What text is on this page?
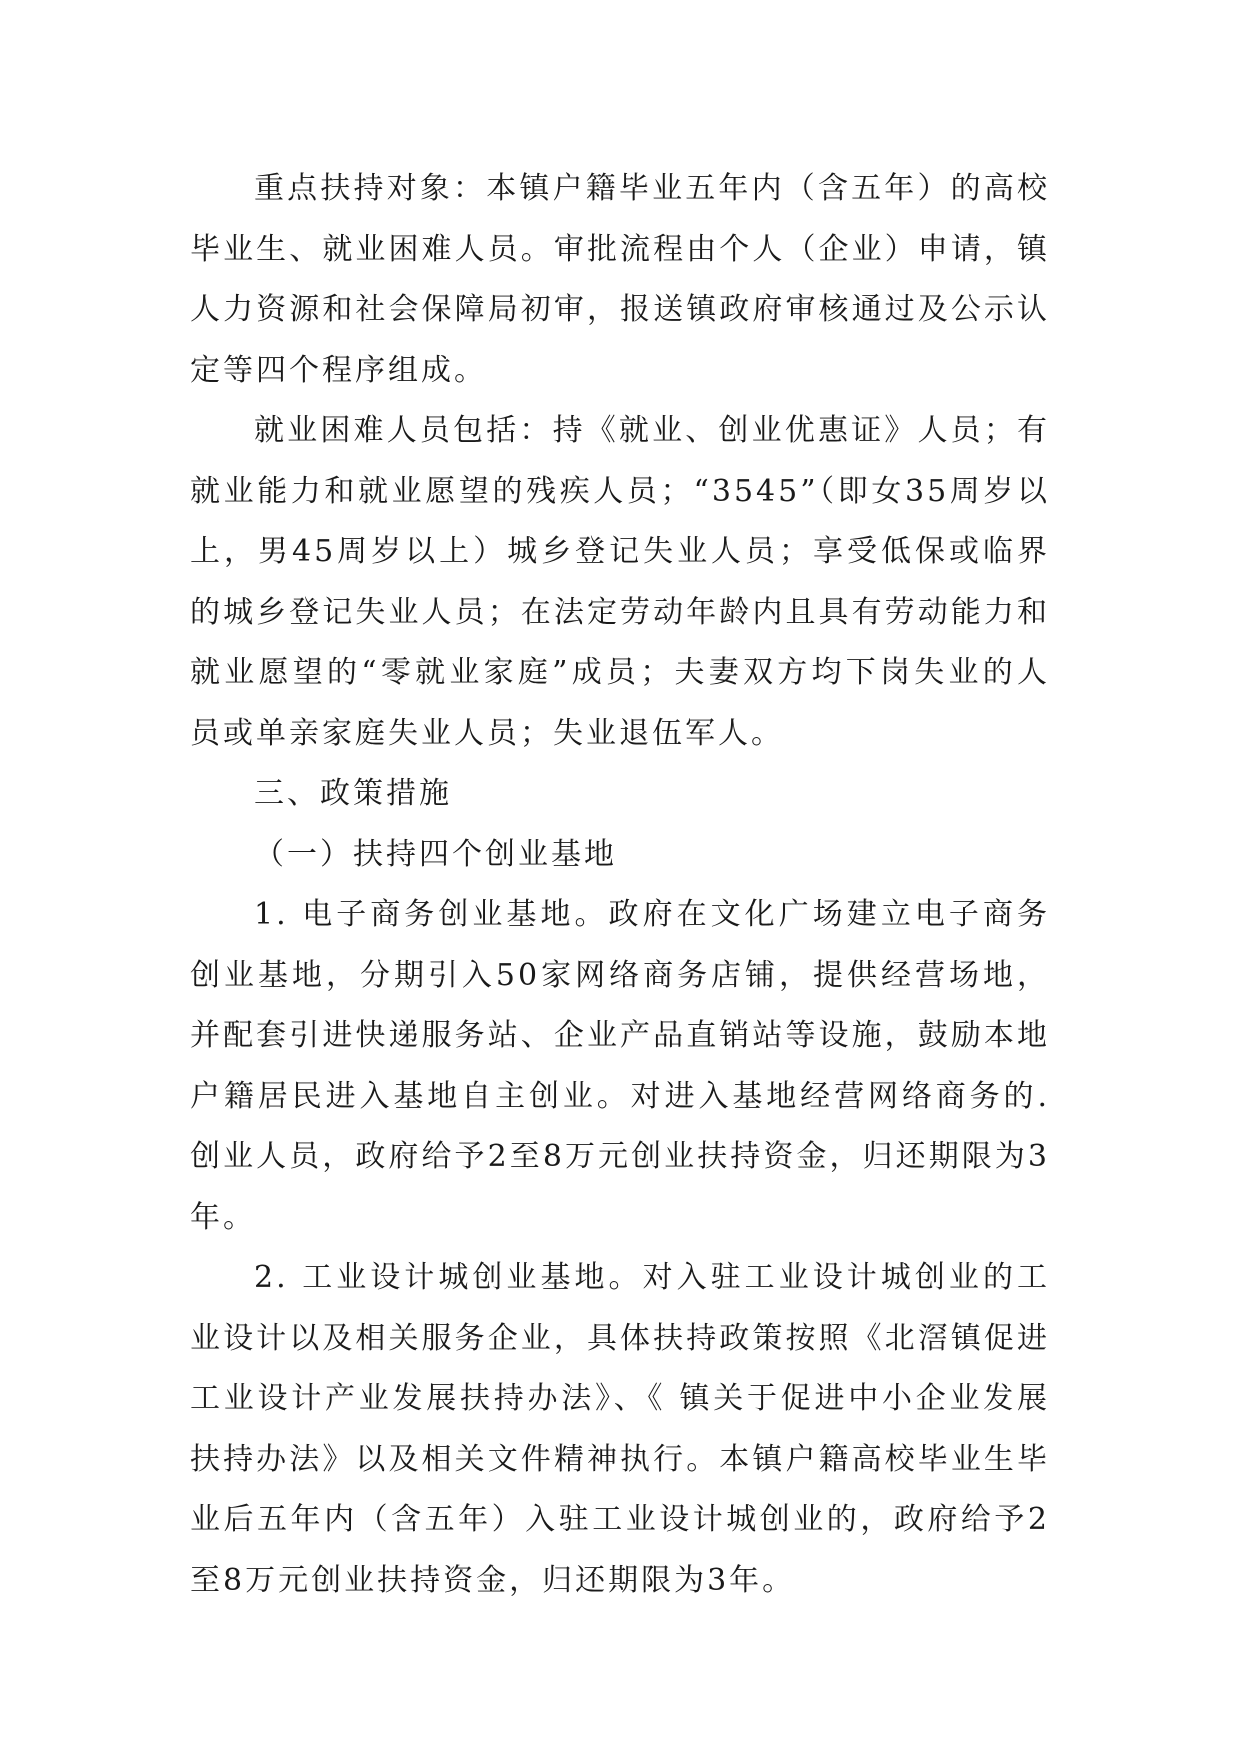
重点扶持对象：本镇户籍毕业五年内（含五年）的高校毕业生、就业困难人员。审批流程由个人（企业）申请，镇人力资源和社会保障局初审，报送镇政府审核通过及公示认定等四个程序组成。

就业困难人员包括：持《就业、创业优惠证》人员；有就业能力和就业愿望的残疾人员；“3545”（即女35周岁以上，男45周岁以上）城乡登记失业人员；享受低保或临界的城乡登记失业人员；在法定劳动年龄内且具有劳动能力和就业愿望的“零就业家庭”成员；夫妻双方均下岗失业的人员或单亲家庭失业人员；失业退伍军人。

三、政策措施

（一）扶持四个创业基地

1. 电子商务创业基地。政府在文化广场建立电子商务创业基地，分期引入50家网络商务店铺，提供经营场地，并配套引进快递服务站、企业产品直销站等设施，鼓励本地户籍居民进入基地自主创业。对进入基地经营网络商务的.创业人员，政府给予2至8万元创业扶持资金，归还期限为3年。

2. 工业设计城创业基地。对入驻工业设计城创业的工业设计以及相关服务企业，具体扶持政策按照《北滘镇促进工业设计产业发展扶持办法》、《 镇关于促进中小企业发展扶持办法》以及相关文件精神执行。本镇户籍高校毕业生毕业后五年内（含五年）入驻工业设计城创业的，政府给予2至8万元创业扶持资金，归还期限为3年。
